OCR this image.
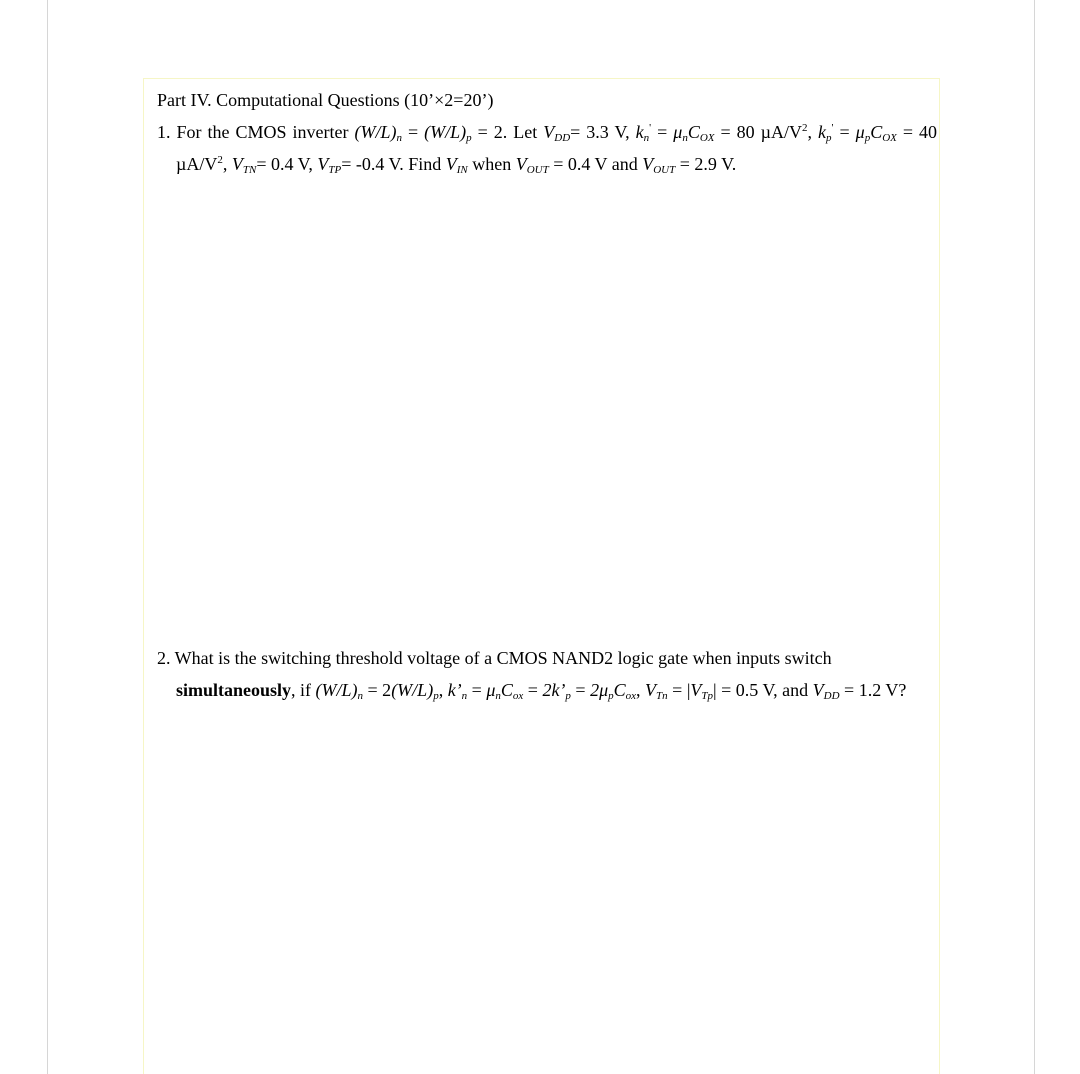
Part IV. Computational Questions (10’×2=20’)
1. For the CMOS inverter $(W/L)_n = (W/L)_p = 2$. Let $V_{DD}= 3.3$ V, $k_n' = \mu_nC_{OX} = 80$ $\mu A/V^2$, $k_p' = \mu_pC_{OX} = 40$ $\mu A/V^2$, $V_{TN}= 0.4$ V, $V_{TP}= -0.4$ V. Find $V_{IN}$ when $V_{OUT} = 0.4$ V and $V_{OUT} = 2.9$ V.
2. What is the switching threshold voltage of a CMOS NAND2 logic gate when inputs switch simultaneously, if $(W/L)_n = 2(W/L)_p$, $k’_n = \mu_nC_{ox}$ = $2k’_p = 2\mu_pC_{ox}$, $V_{Tn} = |V_{Tp}| = 0.5$ V, and $V_{DD} = 1.2$ V?
